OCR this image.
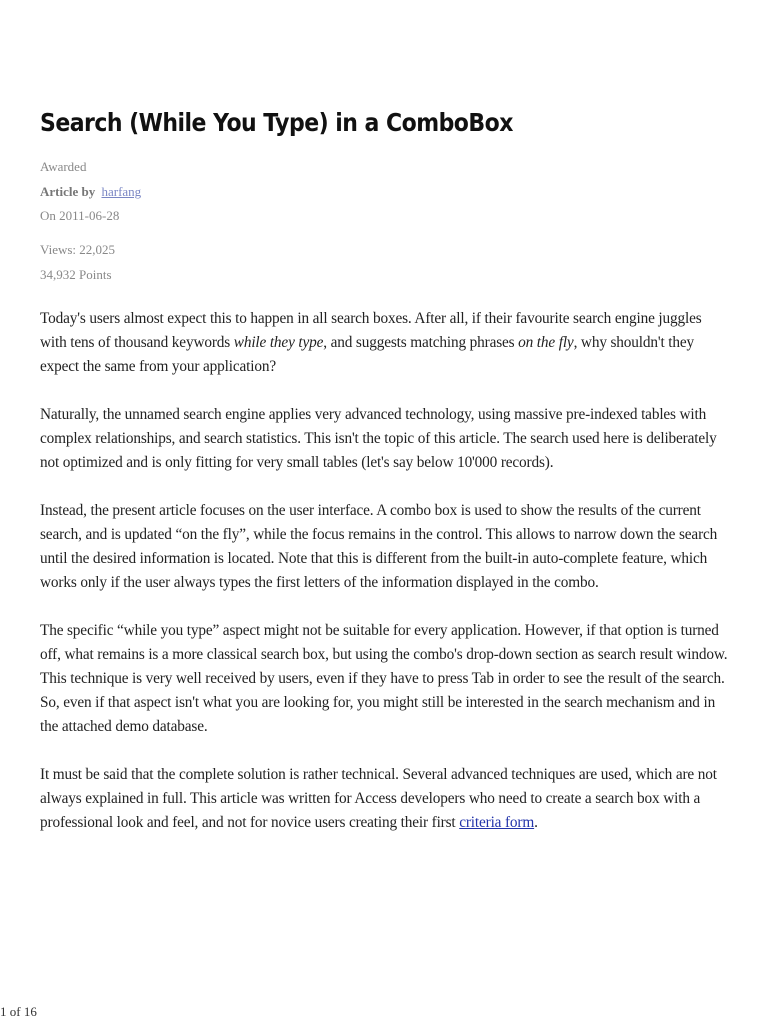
Search (While You Type) in a ComboBox
Awarded
Article by harfang
On 2011-06-28
Views: 22,025
34,932 Points

Today's users almost expect this to happen in all search boxes. After all, if their favourite search engine juggles with tens of thousand keywords while they type, and suggests matching phrases on the fly, why shouldn't they expect the same from your application?

Naturally, the unnamed search engine applies very advanced technology, using massive pre-indexed tables with complex relationships, and search statistics. This isn't the topic of this article. The search used here is deliberately not optimized and is only fitting for very small tables (let's say below 10'000 records).

Instead, the present article focuses on the user interface. A combo box is used to show the results of the current search, and is updated “on the fly”, while the focus remains in the control. This allows to narrow down the search until the desired information is located. Note that this is different from the built-in auto-complete feature, which works only if the user always types the first letters of the information displayed in the combo.

The specific “while you type” aspect might not be suitable for every application. However, if that option is turned off, what remains is a more classical search box, but using the combo's drop-down section as search result window. This technique is very well received by users, even if they have to press Tab in order to see the result of the search. So, even if that aspect isn't what you are looking for, you might still be interested in the search mechanism and in the attached demo database.

It must be said that the complete solution is rather technical. Several advanced techniques are used, which are not always explained in full. This article was written for Access developers who need to create a search box with a professional look and feel, and not for novice users creating their first criteria form.

1 of 16
